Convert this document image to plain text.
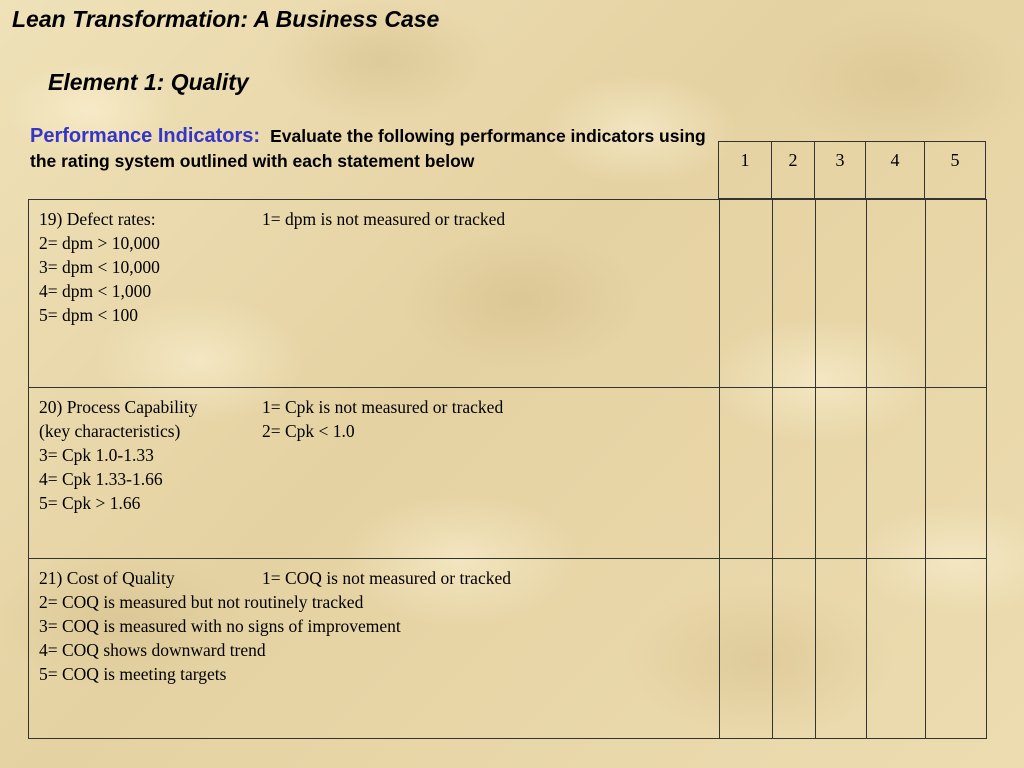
Lean Transformation: A Business Case
Element 1: Quality
Performance Indicators: Evaluate the following performance indicators using the rating system outlined with each statement below	1	2	3	4	5
19) Defect rates: 1= dpm is not measured or tracked
2= dpm > 10,000
3= dpm < 10,000
4= dpm < 1,000
5= dpm < 100					

20) Process Capability 1= Cpk is not measured or tracked
(key characteristics) 2= Cpk < 1.0
3= Cpk 1.0-1.33
4= Cpk 1.33-1.66
5= Cpk > 1.66					

21) Cost of Quality 1= COQ is not measured or tracked
2= COQ is measured but not routinely tracked
3= COQ is measured with no signs of improvement
4= COQ shows downward trend
5= COQ is meeting targets					
